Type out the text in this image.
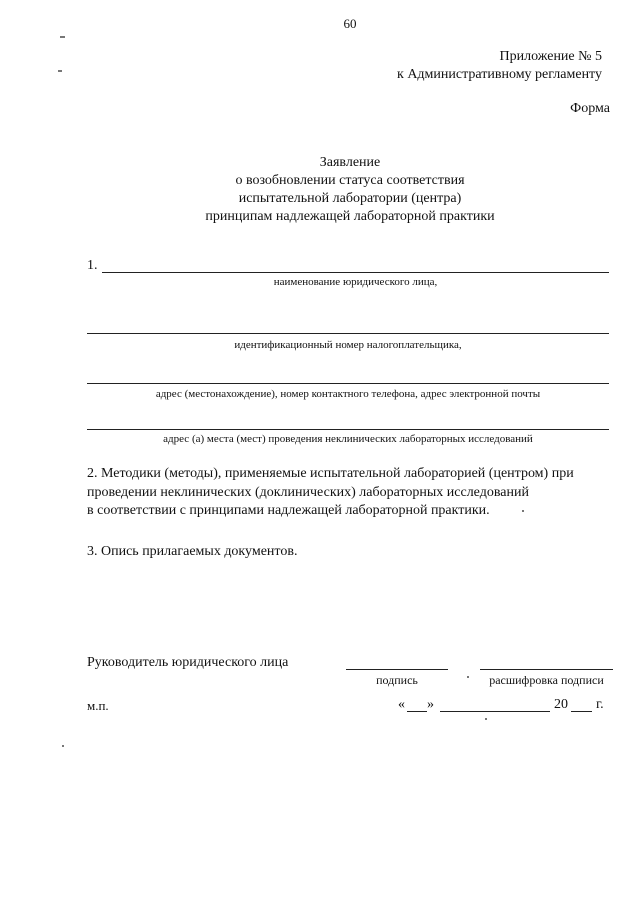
60
Приложение № 5
к Административному регламенту
Форма
Заявление
о возобновлении статуса соответствия
испытательной лаборатории (центра)
принципам надлежащей лабораторной практики
1.
наименование юридического лица,
идентификационный номер налогоплательщика,
адрес (местонахождение), номер контактного телефона, адрес электронной почты
адрес (а) места (мест) проведения неклинических лабораторных исследований
2. Методики (методы), применяемые испытательной лабораторией (центром) при
проведении неклинических (доклинических) лабораторных исследований
в соответствии с принципами надлежащей лабораторной практики.
3. Опись прилагаемых документов.
Руководитель юридического лица
подпись	расшифровка подписи
м.п.	« »	20 г.
